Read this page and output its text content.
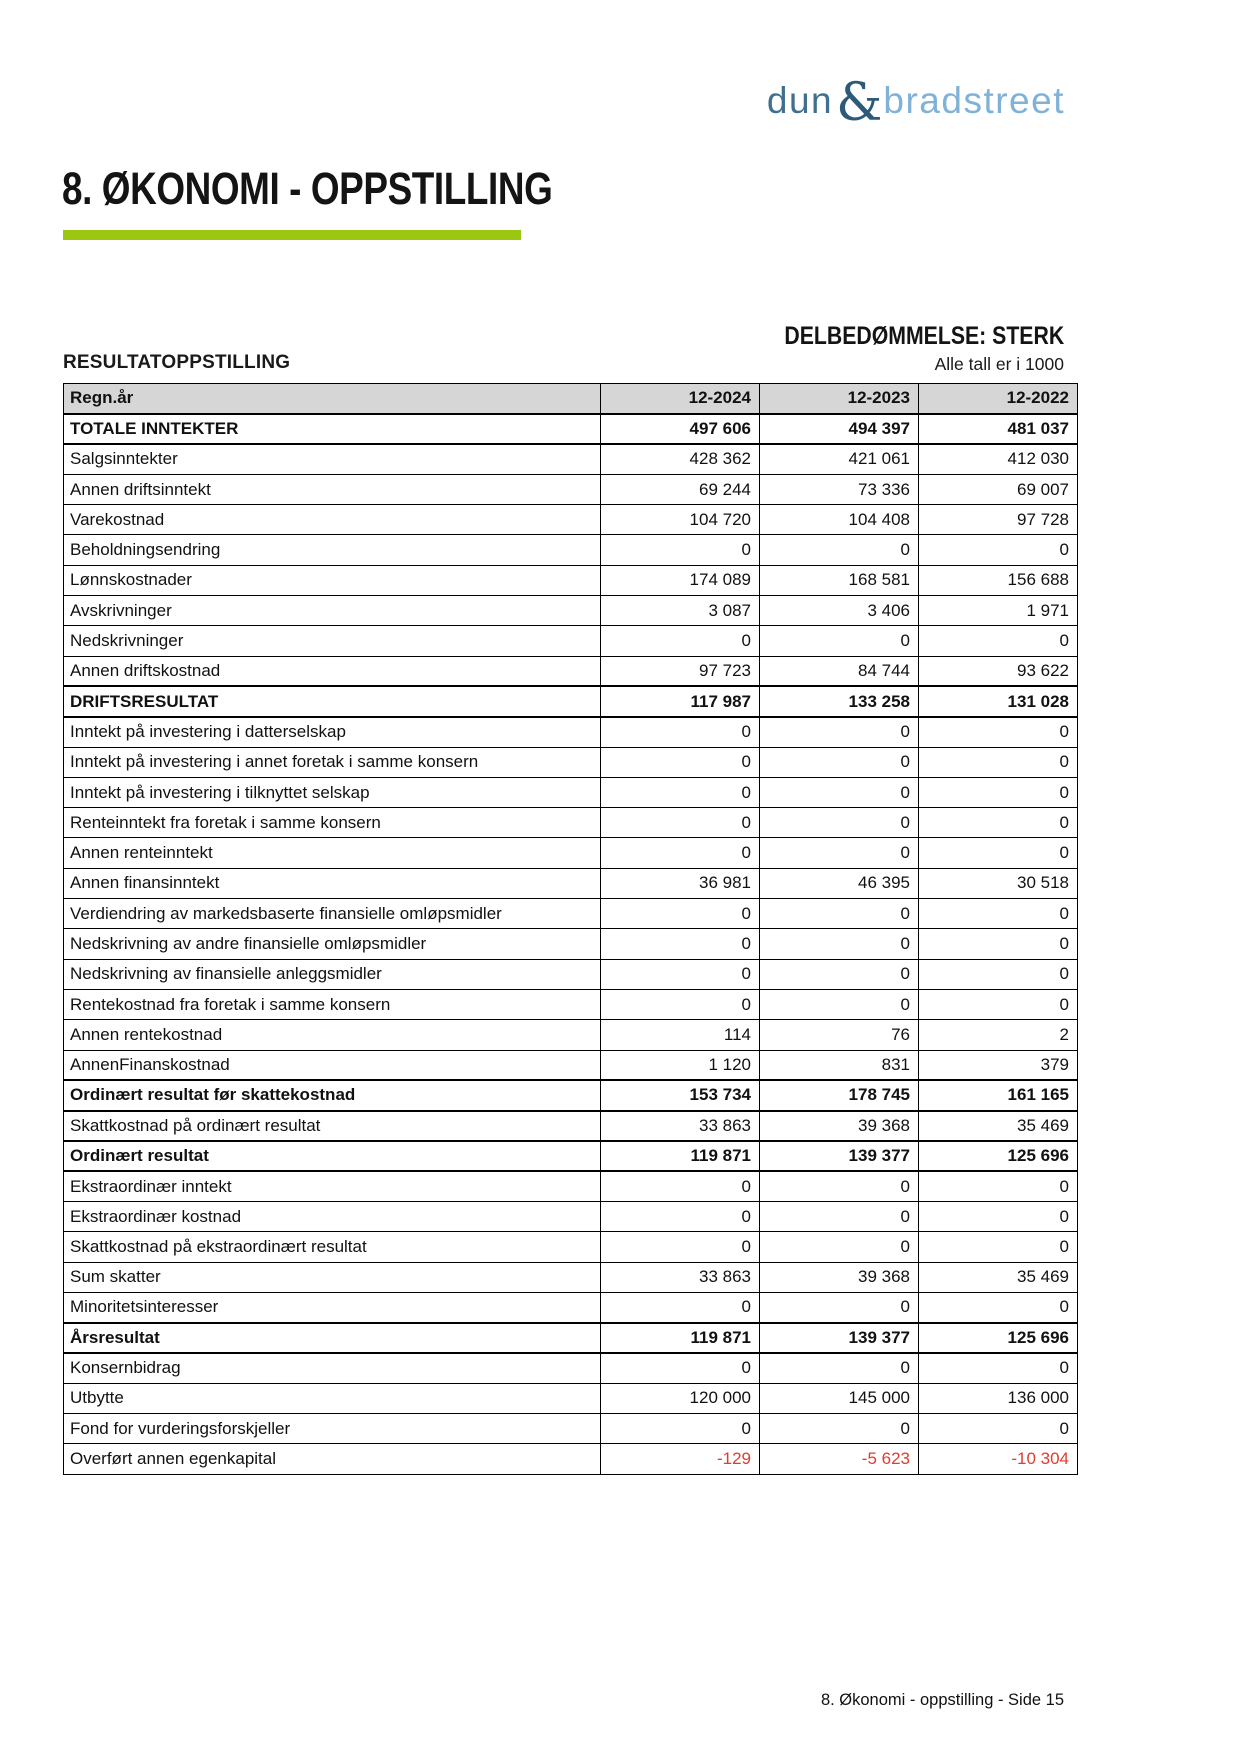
dun&bradstreet
8. ØKONOMI - OPPSTILLING
DELBEDØMMELSE: STERK
RESULTATOPPSTILLING	Alle tall er i 1000
Regn.år	12-2024	12-2023	12-2022
TOTALE INNTEKTER	497 606	494 397	481 037
Salgsinntekter	428 362	421 061	412 030
Annen driftsinntekt	69 244	73 336	69 007
Varekostnad	104 720	104 408	97 728
Beholdningsendring	0	0	0
Lønnskostnader	174 089	168 581	156 688
Avskrivninger	3 087	3 406	1 971
Nedskrivninger	0	0	0
Annen driftskostnad	97 723	84 744	93 622
DRIFTSRESULTAT	117 987	133 258	131 028
Inntekt på investering i datterselskap	0	0	0
Inntekt på investering i annet foretak i samme konsern	0	0	0
Inntekt på investering i tilknyttet selskap	0	0	0
Renteinntekt fra foretak i samme konsern	0	0	0
Annen renteinntekt	0	0	0
Annen finansinntekt	36 981	46 395	30 518
Verdiendring av markedsbaserte finansielle omløpsmidler	0	0	0
Nedskrivning av andre finansielle omløpsmidler	0	0	0
Nedskrivning av finansielle anleggsmidler	0	0	0
Rentekostnad fra foretak i samme konsern	0	0	0
Annen rentekostnad	114	76	2
AnnenFinanskostnad	1 120	831	379
Ordinært resultat før skattekostnad	153 734	178 745	161 165
Skattkostnad på ordinært resultat	33 863	39 368	35 469
Ordinært resultat	119 871	139 377	125 696
Ekstraordinær inntekt	0	0	0
Ekstraordinær kostnad	0	0	0
Skattkostnad på ekstraordinært resultat	0	0	0
Sum skatter	33 863	39 368	35 469
Minoritetsinteresser	0	0	0
Årsresultat	119 871	139 377	125 696
Konsernbidrag	0	0	0
Utbytte	120 000	145 000	136 000
Fond for vurderingsforskjeller	0	0	0
Overført annen egenkapital	-129	-5 623	-10 304
8. Økonomi - oppstilling - Side 15
